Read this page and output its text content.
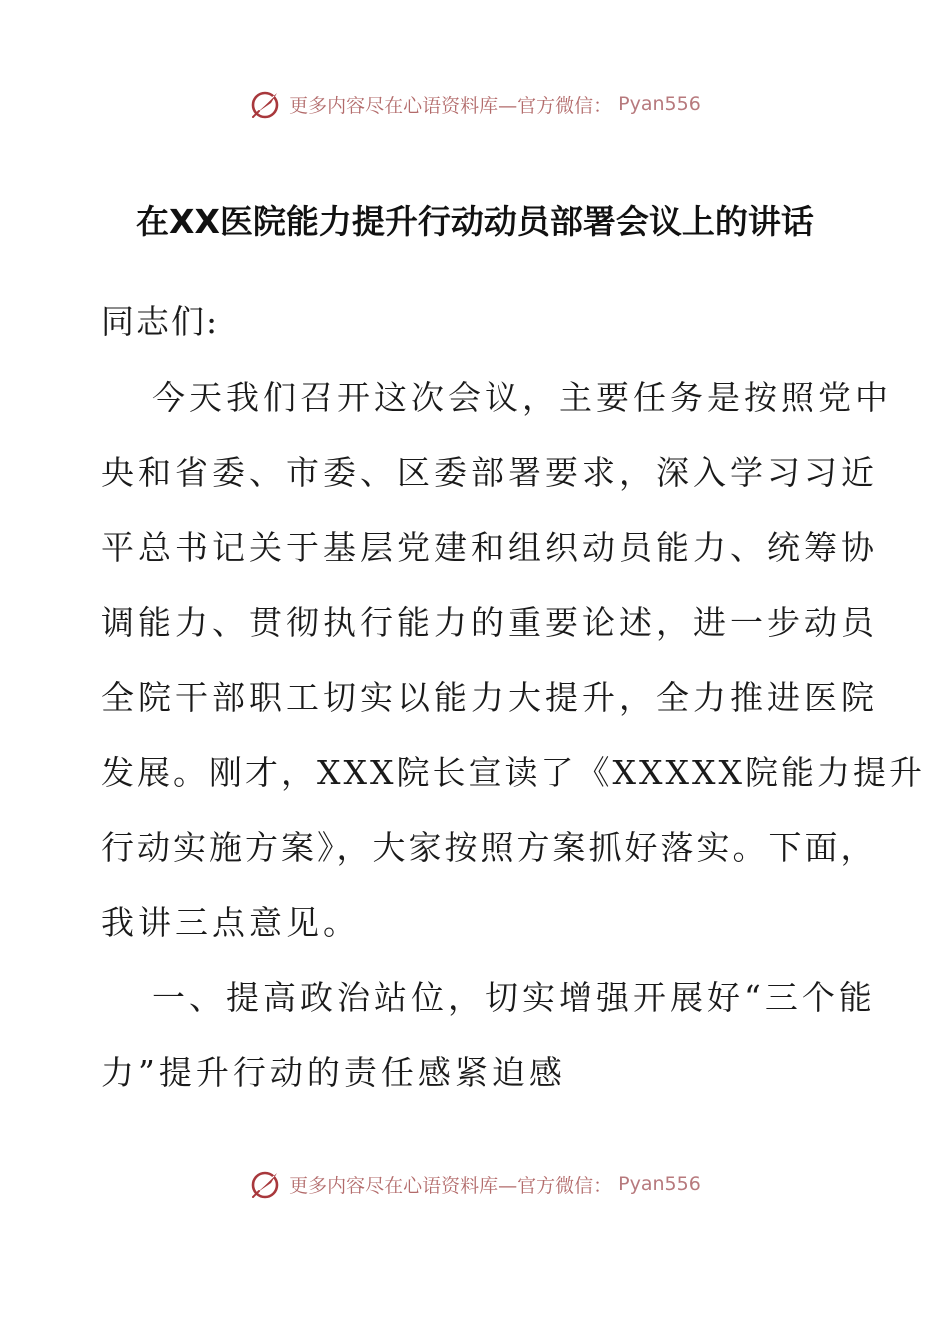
更多内容尽在心语资料库—官方微信： Pyan556
在XX医院能力提升行动动员部署会议上的讲话
同志们:
今天我们召开这次会议，主要任务是按照党中
央和省委、市委、区委部署要求，深入学习习近
平总书记关于基层党建和组织动员能力、统筹协
调能力、贯彻执行能力的重要论述，进一步动员
全院干部职工切实以能力大提升，全力推进医院
发展。刚才，XXX院长宣读了《XXXXX院能力提升
行动实施方案》，大家按照方案抓好落实。下面，
我讲三点意见。
一、提高政治站位，切实增强开展好“三个能
力”提升行动的责任感紧迫感
更多内容尽在心语资料库—官方微信： Pyan556
